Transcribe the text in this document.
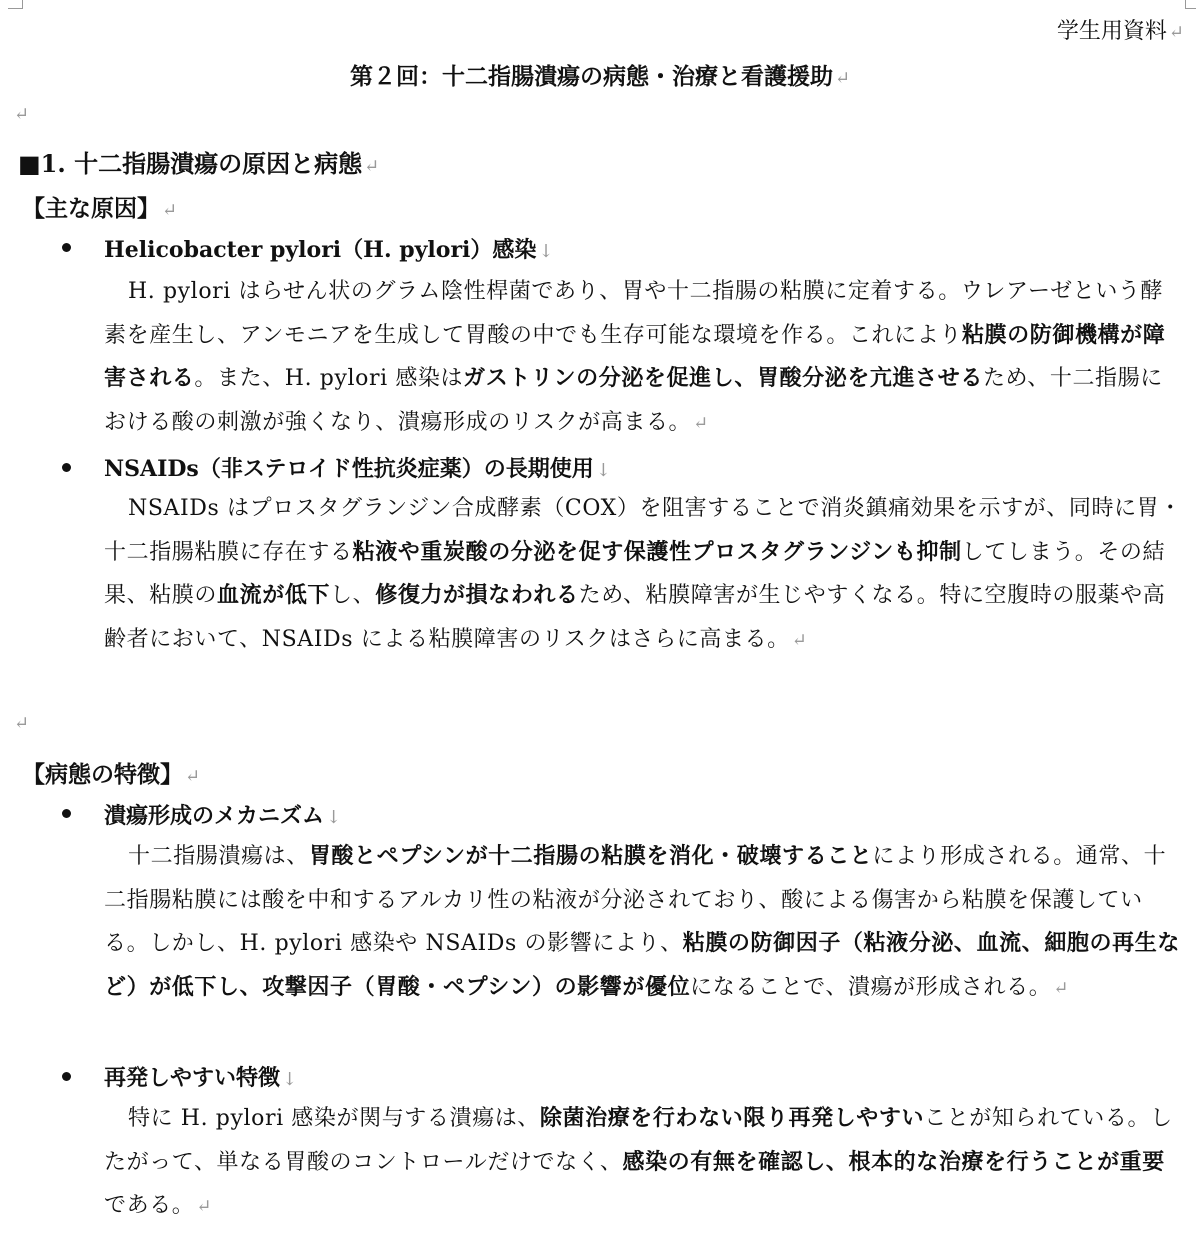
学生用資料 ↵
第２回：十二指腸潰瘍の病態・治療と看護援助 ↵
↵
■1. 十二指腸潰瘍の原因と病態 ↵
【主な原因】 ↵
Helicobacter pylori（H. pylori）感染 ↓
H. pylori はらせん状のグラム陰性桿菌であり、胃や十二指腸の粘膜に定着する。ウレアーゼという酵素を産生し、アンモニアを生成して胃酸の中でも生存可能な環境を作る。これにより粘膜の防御機構が障害される。また、H. pylori 感染はガストリンの分泌を促進し、胃酸分泌を亢進させるため、十二指腸における酸の刺激が強くなり、潰瘍形成のリスクが高まる。 ↵
NSAIDs（非ステロイド性抗炎症薬）の長期使用 ↓
NSAIDs はプロスタグランジン合成酵素（COX）を阻害することで消炎鎮痛効果を示すが、同時に胃・十二指腸粘膜に存在する粘液や重炭酸の分泌を促す保護性プロスタグランジンも抑制してしまう。その結果、粘膜の血流が低下し、修復力が損なわれるため、粘膜障害が生じやすくなる。特に空腹時の服薬や高齢者において、NSAIDs による粘膜障害のリスクはさらに高まる。 ↵
↵
【病態の特徴】 ↵
潰瘍形成のメカニズム ↓
十二指腸潰瘍は、胃酸とペプシンが十二指腸の粘膜を消化・破壊することにより形成される。通常、十二指腸粘膜には酸を中和するアルカリ性の粘液が分泌されており、酸による傷害から粘膜を保護している。しかし、H. pylori 感染や NSAIDs の影響により、粘膜の防御因子（粘液分泌、血流、細胞の再生など）が低下し、攻撃因子（胃酸・ペプシン）の影響が優位になることで、潰瘍が形成される。 ↵
再発しやすい特徴 ↓
特に H. pylori 感染が関与する潰瘍は、除菌治療を行わない限り再発しやすいことが知られている。したがって、単なる胃酸のコントロールだけでなく、感染の有無を確認し、根本的な治療を行うことが重要である。 ↵
